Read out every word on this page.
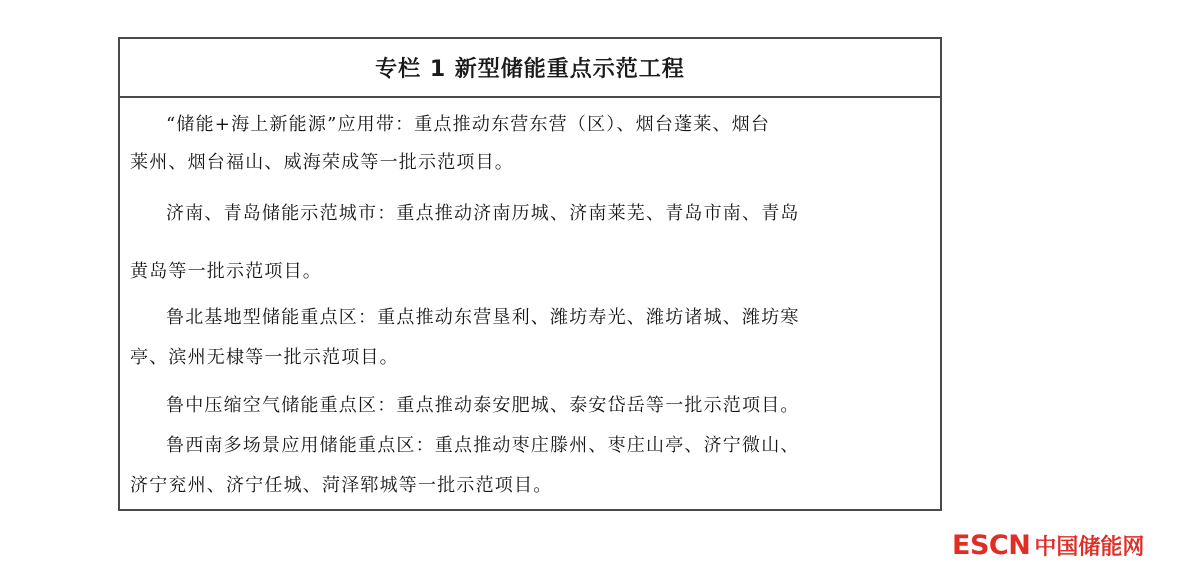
专栏 1 新型储能重点示范工程

“储能+海上新能源”应用带：重点推动东营东营（区）、烟台蓬莱、烟台
莱州、烟台福山、威海荣成等一批示范项目。

济南、青岛储能示范城市：重点推动济南历城、济南莱芜、青岛市南、青岛
黄岛等一批示范项目。

鲁北基地型储能重点区：重点推动东营垦利、潍坊寿光、潍坊诸城、潍坊寒
亭、滨州无棣等一批示范项目。

鲁中压缩空气储能重点区：重点推动泰安肥城、泰安岱岳等一批示范项目。

鲁西南多场景应用储能重点区：重点推动枣庄滕州、枣庄山亭、济宁微山、
济宁兖州、济宁任城、菏泽郓城等一批示范项目。

ESCN 中国储能网
